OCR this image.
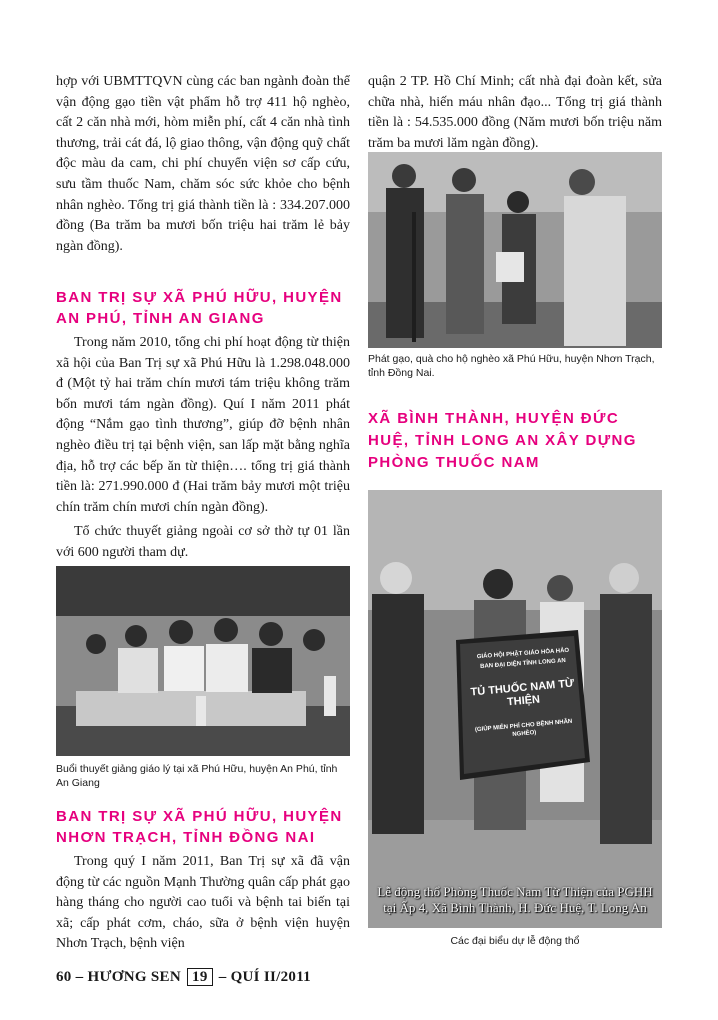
hợp với UBMTTQVN cùng các ban ngành đoàn thể vận động gạo tiền vật phẩm hỗ trợ 411 hộ nghèo, cất 2 căn nhà mới, hòm miễn phí, cất 4 căn nhà tình thương, trải cát đá, lộ giao thông, vận động quỹ chất độc màu da cam, chi phí chuyển viện sơ cấp cứu, sưu tầm thuốc Nam, chăm sóc sức khỏe cho bệnh nhân nghèo. Tổng trị giá thành tiền là : 334.207.000 đồng (Ba trăm ba mươi bốn triệu hai trăm lẻ bảy ngàn đồng).
BAN TRỊ SỰ XÃ PHÚ HỮU, HUYỆN AN PHÚ, TỈNH AN GIANG
Trong năm 2010, tổng chi phí hoạt động từ thiện xã hội của Ban Trị sự xã Phú Hữu là 1.298.048.000 đ (Một tỷ hai trăm chín mươi tám triệu không trăm bốn mươi tám ngàn đồng). Quí I năm 2011 phát động “Nắm gạo tình thương”, giúp đỡ bệnh nhân nghèo điều trị tại bệnh viện, san lấp mặt bằng nghĩa địa, hỗ trợ các bếp ăn từ thiện…. tổng trị giá thành tiền là: 271.990.000 đ (Hai trăm bảy mươi một triệu chín trăm chín mươi chín ngàn đồng).
Tổ chức thuyết giảng ngoài cơ sở thờ tự 01 lần với 600 người tham dự.
Buổi thuyết giảng giáo lý tại xã Phú Hữu, huyện An Phú, tỉnh An Giang
BAN TRỊ SỰ XÃ PHÚ HỮU, HUYỆN NHƠN TRẠCH, TỈNH ĐỒNG NAI
Trong quý I năm 2011, Ban Trị sự xã đã vận động từ các nguồn Mạnh Thường quân cấp phát gạo hàng tháng cho người cao tuổi và bệnh tai biến tại xã; cấp phát cơm, cháo, sữa ở bệnh viện huyện Nhơn Trạch, bệnh viện
quận 2 TP. Hồ Chí Minh; cất nhà đại đoàn kết, sửa chữa nhà, hiến máu nhân đạo... Tổng trị giá thành tiền là : 54.535.000 đồng (Năm mươi bốn triệu năm trăm ba mươi lăm ngàn đồng).
Phát gạo, quà cho hộ nghèo xã Phú Hữu, huyện Nhơn Trạch, tỉnh Đồng Nai.
XÃ BÌNH THÀNH, HUYỆN ĐỨC HUỆ, TỈNH LONG AN XÂY DỰNG PHÒNG THUỐC NAM
GIÁO HỘI PHẬT GIÁO HÒA HẢO
BAN ĐẠI DIỆN TỈNH LONG AN
TỦ THUỐC NAM TỪ THIỆN
(GIÚP MIỄN PHÍ CHO BỆNH NHÂN NGHÈO)
Lễ động thổ Phòng Thuốc Nam Từ Thiện của PGHH
tại Ấp 4, Xã Bình Thành, H. Đức Huệ, T. Long An
Các đại biểu dự lễ động thổ
60 – HƯƠNG SEN 19 – QUÍ II/2011
